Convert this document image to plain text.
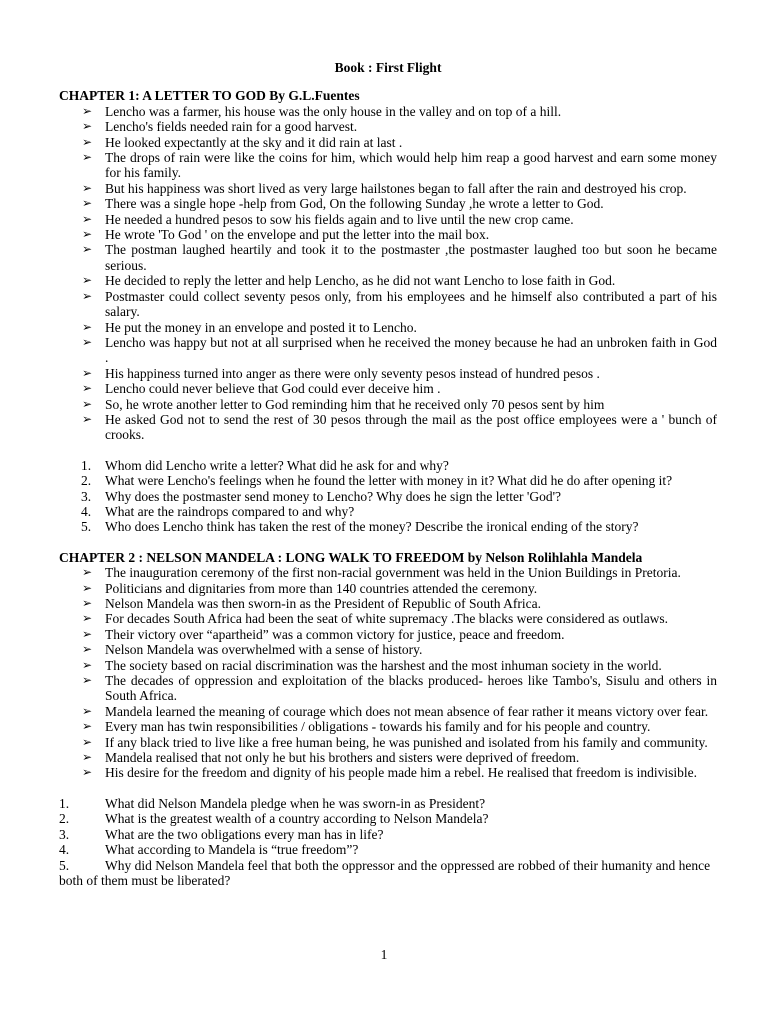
Book : First Flight

CHAPTER 1: A LETTER TO GOD By G.L.Fuentes

➢ Lencho was a farmer, his house was the only house in the valley and on top of a hill.
➢ Lencho's fields needed rain for a good harvest.
➢ He looked expectantly at the sky and it did rain at last .
➢ The drops of rain were like the coins for him, which would help him reap a good harvest and earn some money for his family.
➢ But his happiness was short lived as very large hailstones began to fall after the rain and destroyed his crop.
➢ There was a single hope -help from God, On the following Sunday ,he wrote a letter to God.
➢ He needed a hundred pesos to sow his fields again and to live until the new crop came.
➢ He wrote 'To God ' on the envelope and put the letter into the mail box.
➢ The postman laughed heartily and took it to the postmaster ,the postmaster laughed too but soon he became serious.
➢ He decided to reply the letter and help Lencho, as he did not want Lencho to lose faith in God.
➢ Postmaster could collect seventy pesos only, from his employees and he himself also contributed a part of his salary.
➢ He put the money in an envelope and posted it to Lencho.
➢ Lencho was happy but not at all surprised when he received the money because he had an unbroken faith in God .
➢ His happiness turned into anger as there were only seventy pesos instead of hundred pesos .
➢ Lencho could never believe that God could ever deceive him .
➢ So, he wrote another letter to God reminding him that he received only 70 pesos sent by him
➢ He asked God not to send the rest of 30 pesos through the mail as the post office employees were a ' bunch of crooks.
1. Whom did Lencho write a letter? What did he ask for and why?
2. What were Lencho's feelings when he found the letter with money in it? What did he do after opening it?
3. Why does the postmaster send money to Lencho? Why does he sign the letter 'God'?
4. What are the raindrops compared to and why?
5. Who does Lencho think has taken the rest of the money? Describe the ironical ending of the story?

CHAPTER 2 : NELSON MANDELA : LONG WALK TO FREEDOM by Nelson Rolihlahla Mandela

➢ The inauguration ceremony of the first non-racial government was held in the Union Buildings in Pretoria.
➢ Politicians and dignitaries from more than 140 countries attended the ceremony.
➢ Nelson Mandela was then sworn-in as the President of Republic of South Africa.
➢ For decades South Africa had been the seat of white supremacy .The blacks were considered as outlaws.
➢ Their victory over “apartheid” was a common victory for justice, peace and freedom.
➢ Nelson Mandela was overwhelmed with a sense of history.
➢ The society based on racial discrimination was the harshest and the most inhuman society in the world.
➢ The decades of oppression and exploitation of the blacks produced- heroes like Tambo's, Sisulu and others in South Africa.
➢ Mandela learned the meaning of courage which does not mean absence of fear rather it means victory over fear.
➢ Every man has twin responsibilities / obligations - towards his family and for his people and country.
➢ If any black tried to live like a free human being, he was punished and isolated from his family and community.
➢ Mandela realised that not only he but his brothers and sisters were deprived of freedom.
➢ His desire for the freedom and dignity of his people made him a rebel. He realised that freedom is indivisible.
1.	What did Nelson Mandela pledge when he was sworn-in as President?
2.	What is the greatest wealth of a country according to Nelson Mandela?
3.	What are the two obligations every man has in life?
4.	What according to Mandela is “true freedom”?
5.	Why did Nelson Mandela feel that both the oppressor and the oppressed are robbed of their humanity and hence both of them must be liberated?
1
